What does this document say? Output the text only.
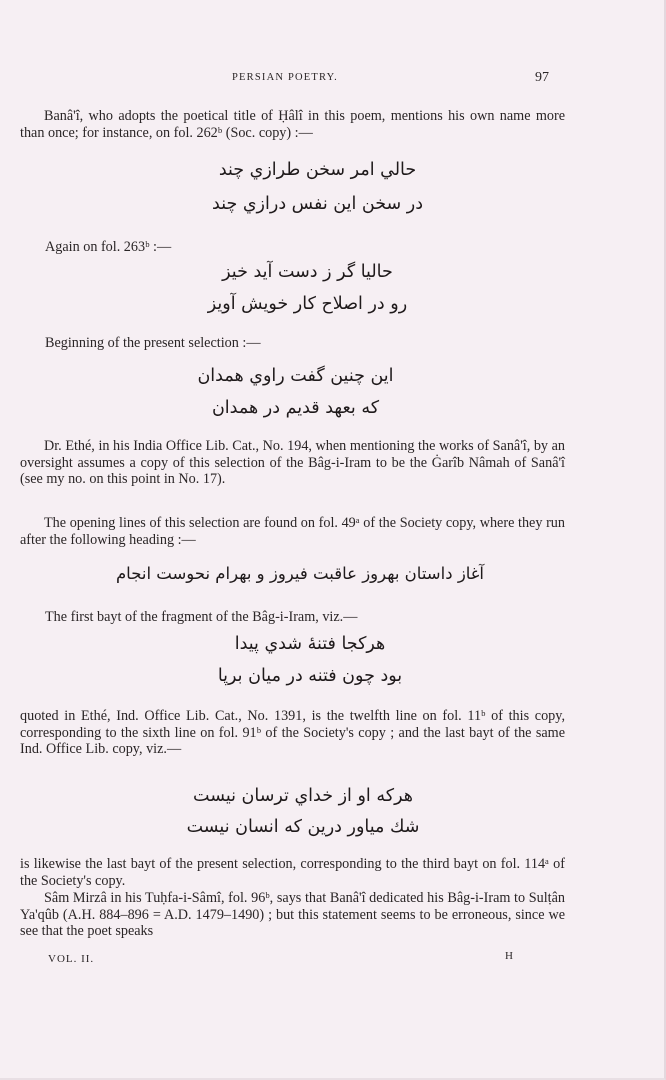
PERSIAN POETRY.	97
Banâ'î, who adopts the poetical title of Ḥâlî in this poem, mentions his own name more than once; for instance, on fol. 262ᵇ (Soc. copy) :—
حالي امر سخن طرازي چند
در سخن اين نفس درازي چند
Again on fol. 263ᵇ :—
حاليا گر ز دست آيد خيز
رو در اصلاح کار خويش آويز
Beginning of the present selection :—
اين چنين گفت راوي همدان
که بعهد قديم در همدان
Dr. Ethé, in his India Office Lib. Cat., No. 194, when mentioning the works of Sanâ'î, by an oversight assumes a copy of this selection of the Bâg-i-Iram to be the Ġarîb Nâmah of Sanâ'î (see my no. on this point in No. 17).
The opening lines of this selection are found on fol. 49ᵃ of the Society copy, where they run after the following heading :—
آغاز داستان بهروز عاقبت فيروز و بهرام نحوست انجام
The first bayt of the fragment of the Bâg-i-Iram, viz.—
هرکجا فتنهٔ شدي پيدا
بود چون فتنه در ميان برپا
quoted in Ethé, Ind. Office Lib. Cat., No. 1391, is the twelfth line on fol. 11ᵇ of this copy, corresponding to the sixth line on fol. 91ᵇ of the Society's copy ; and the last bayt of the same Ind. Office Lib. copy, viz.—
هرکه او از خداي ترسان نيست
شك مياور درين که انسان نيست
is likewise the last bayt of the present selection, corresponding to the third bayt on fol. 114ᵃ of the Society's copy.
Sâm Mirzâ in his Tuḥfa-i-Sâmî, fol. 96ᵇ, says that Banâ'î dedicated his Bâg-i-Iram to Sulṭân Ya'qûb (A.H. 884–896 = A.D. 1479–1490) ; but this statement seems to be erroneous, since we see that the poet speaks
VOL. II.	H
